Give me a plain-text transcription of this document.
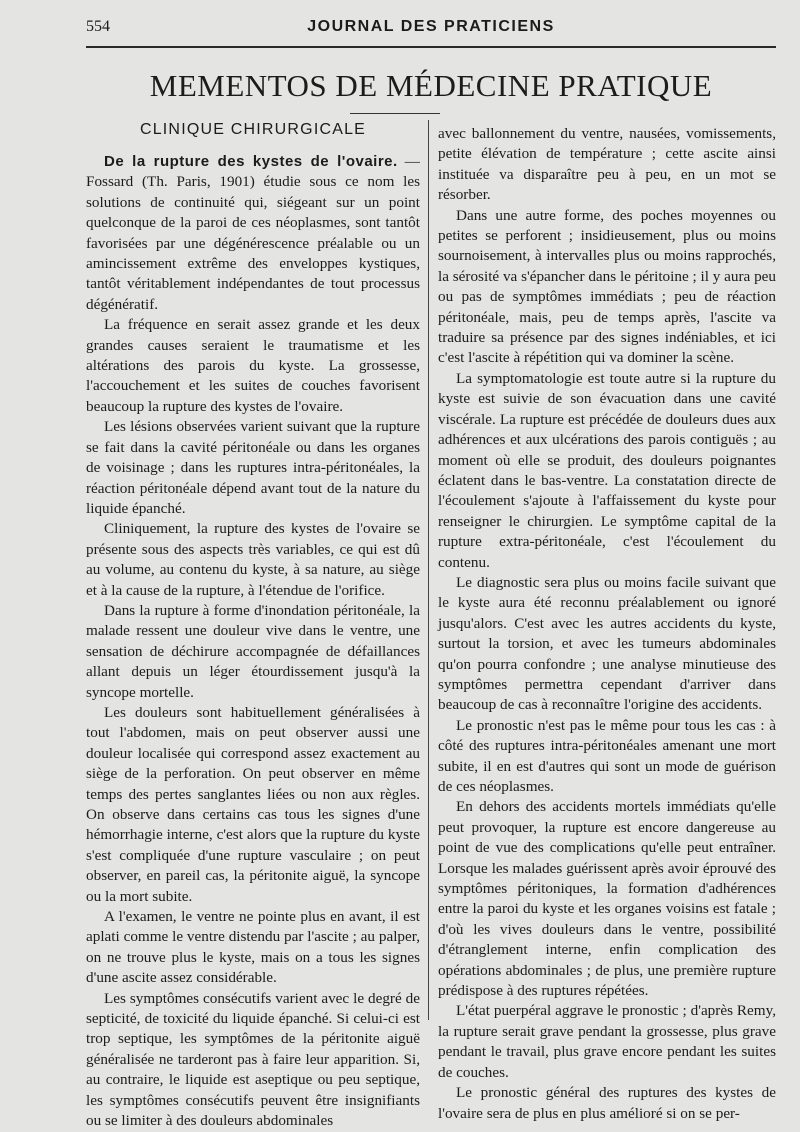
554	JOURNAL DES PRATICIENS
MEMENTOS DE MÉDECINE PRATIQUE
CLINIQUE CHIRURGICALE

De la rupture des kystes de l'ovaire. — Fossard (Th. Paris, 1901) étudie sous ce nom les solutions de continuité qui, siégeant sur un point quelconque de la paroi de ces néoplasmes, sont tantôt favorisées par une dégénérescence préalable ou un amincissement extrême des enveloppes kystiques, tantôt véritablement indépendantes de tout processus dégénératif.

La fréquence en serait assez grande et les deux grandes causes seraient le traumatisme et les altérations des parois du kyste. La grossesse, l'accouchement et les suites de couches favorisent beaucoup la rupture des kystes de l'ovaire.

Les lésions observées varient suivant que la rupture se fait dans la cavité péritonéale ou dans les organes de voisinage ; dans les ruptures intra-péritonéales, la réaction péritonéale dépend avant tout de la nature du liquide épanché.

Cliniquement, la rupture des kystes de l'ovaire se présente sous des aspects très variables, ce qui est dû au volume, au contenu du kyste, à sa nature, au siège et à la cause de la rupture, à l'étendue de l'orifice.

Dans la rupture à forme d'inondation péritonéale, la malade ressent une douleur vive dans le ventre, une sensation de déchirure accompagnée de défaillances allant depuis un léger étourdissement jusqu'à la syncope mortelle.

Les douleurs sont habituellement généralisées à tout l'abdomen, mais on peut observer aussi une douleur localisée qui correspond assez exactement au siège de la perforation. On peut observer en même temps des pertes sanglantes liées ou non aux règles. On observe dans certains cas tous les signes d'une hémorrhagie interne, c'est alors que la rupture du kyste s'est compliquée d'une rupture vasculaire ; on peut observer, en pareil cas, la péritonite aiguë, la syncope ou la mort subite.

A l'examen, le ventre ne pointe plus en avant, il est aplati comme le ventre distendu par l'ascite ; au palper, on ne trouve plus le kyste, mais on a tous les signes d'une ascite assez considérable.

Les symptômes consécutifs varient avec le degré de septicité, de toxicité du liquide épanché. Si celui-ci est trop septique, les symptômes de la péritonite aiguë généralisée ne tarderont pas à faire leur apparition. Si, au contraire, le liquide est aseptique ou peu septique, les symptômes consécutifs peuvent être insignifiants ou se limiter à des douleurs abdominales

avec ballonnement du ventre, nausées, vomissements, petite élévation de température ; cette ascite ainsi instituée va disparaître peu à peu, en un mot se résorber.

Dans une autre forme, des poches moyennes ou petites se perforent ; insidieusement, plus ou moins sournoisement, à intervalles plus ou moins rapprochés, la sérosité va s'épancher dans le péritoine ; il y aura peu ou pas de symptômes immédiats ; peu de réaction péritonéale, mais, peu de temps après, l'ascite va traduire sa présence par des signes indéniables, et ici c'est l'ascite à répétition qui va dominer la scène.

La symptomatologie est toute autre si la rupture du kyste est suivie de son évacuation dans une cavité viscérale. La rupture est précédée de douleurs dues aux adhérences et aux ulcérations des parois contiguës ; au moment où elle se produit, des douleurs poignantes éclatent dans le bas-ventre. La constatation directe de l'écoulement s'ajoute à l'affaissement du kyste pour renseigner le chirurgien. Le symptôme capital de la rupture extra-péritonéale, c'est l'écoulement du contenu.

Le diagnostic sera plus ou moins facile suivant que le kyste aura été reconnu préalablement ou ignoré jusqu'alors. C'est avec les autres accidents du kyste, surtout la torsion, et avec les tumeurs abdominales qu'on pourra confondre ; une analyse minutieuse des symptômes permettra cependant d'arriver dans beaucoup de cas à reconnaître l'origine des accidents.

Le pronostic n'est pas le même pour tous les cas : à côté des ruptures intra-péritonéales amenant une mort subite, il en est d'autres qui sont un mode de guérison de ces néoplasmes.

En dehors des accidents mortels immédiats qu'elle peut provoquer, la rupture est encore dangereuse au point de vue des complications qu'elle peut entraîner. Lorsque les malades guérissent après avoir éprouvé des symptômes péritoniques, la formation d'adhérences entre la paroi du kyste et les organes voisins est fatale ; d'où les vives douleurs dans le ventre, possibilité d'étranglement interne, enfin complication des opérations abdominales ; de plus, une première rupture prédispose à des ruptures répétées.

L'état puerpéral aggrave le pronostic ; d'après Remy, la rupture serait grave pendant la grossesse, plus grave pendant le travail, plus grave encore pendant les suites de couches.

Le pronostic général des ruptures des kystes de l'ovaire sera de plus en plus amélioré si on se per-
